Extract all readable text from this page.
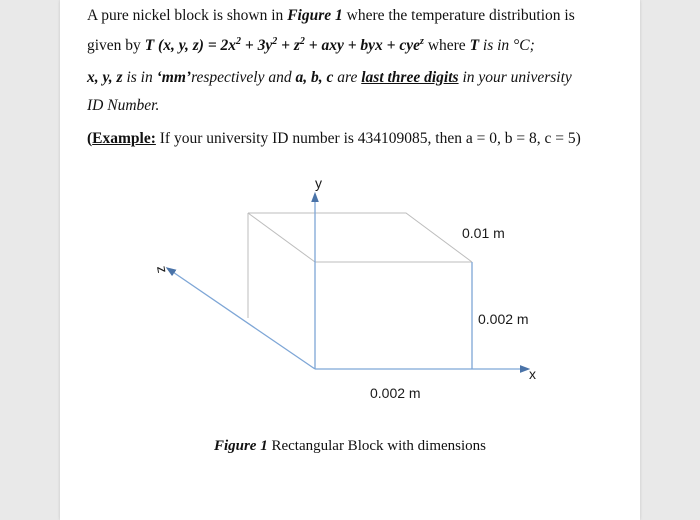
A pure nickel block is shown in Figure 1 where the temperature distribution is
given by T (x, y, $z) = 2x^2 + 3y^2 + z^2$ + axy + byx + cye$^z$ where T is in °C;
x, y, z is in ‘mm’respectively and a, b, c are last three digits in your university
ID Number.
(Example: If your university ID number is 434109085, then a = 0, b = 8, c = 5)
y
z
x
0.01 m
0.002 m
0.002 m
Figure 1 Rectangular Block with dimensions
